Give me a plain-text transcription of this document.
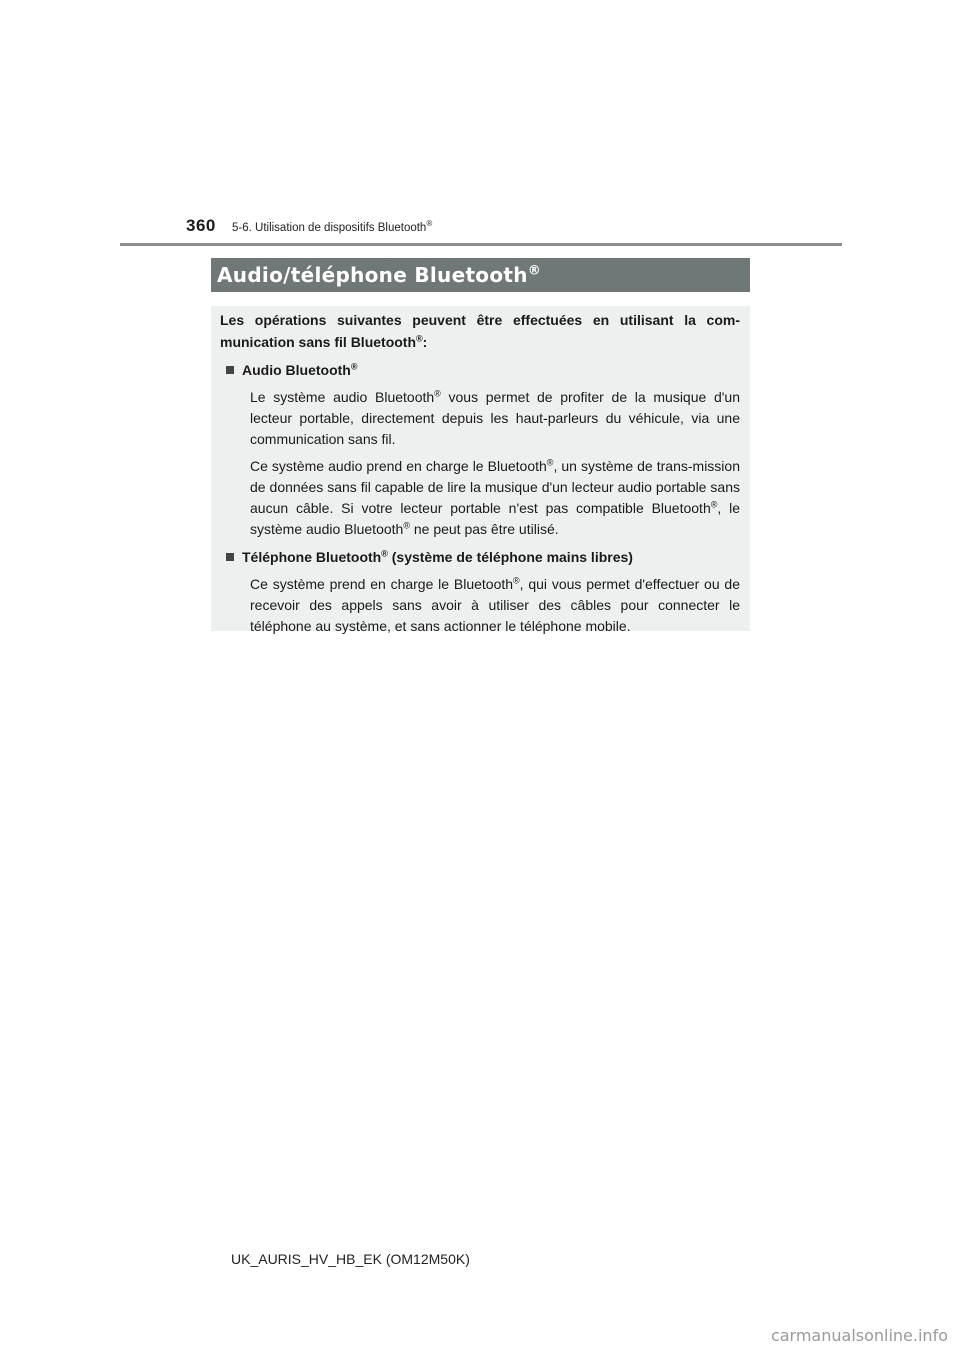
360 5-6. Utilisation de dispositifs Bluetooth®
Audio/téléphone Bluetooth®

Les opérations suivantes peuvent être effectuées en utilisant la com-munication sans fil Bluetooth®:

Audio Bluetooth®

Le système audio Bluetooth® vous permet de profiter de la musique d'un lecteur portable, directement depuis les haut-parleurs du véhicule, via une communication sans fil.

Ce système audio prend en charge le Bluetooth®, un système de trans-mission de données sans fil capable de lire la musique d'un lecteur audio portable sans aucun câble. Si votre lecteur portable n'est pas compatible Bluetooth®, le système audio Bluetooth® ne peut pas être utilisé.

Téléphone Bluetooth® (système de téléphone mains libres)

Ce système prend en charge le Bluetooth®, qui vous permet d'effectuer ou de recevoir des appels sans avoir à utiliser des câbles pour connecter le téléphone au système, et sans actionner le téléphone mobile.

UK_AURIS_HV_HB_EK (OM12M50K)
carmanualsonline.info
